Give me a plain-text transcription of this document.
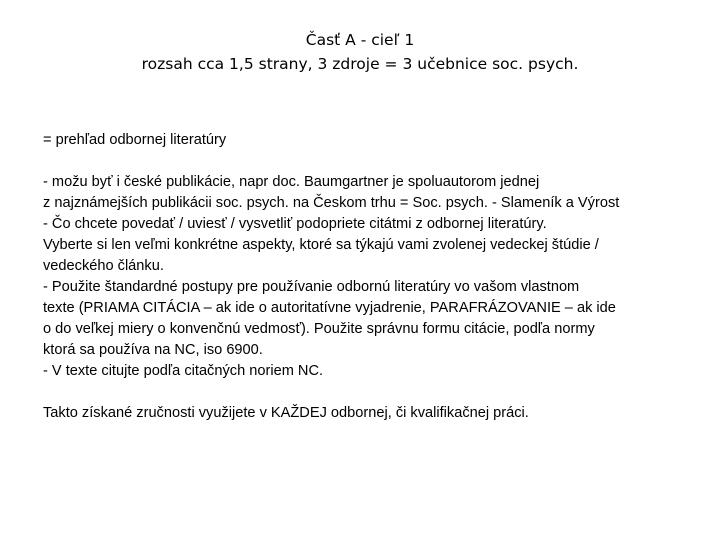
Časť A - cieľ 1
rozsah cca 1,5 strany, 3 zdroje = 3 učebnice soc. psych.
= prehľad odbornej literatúry
- možu byť i české publikácie, napr doc. Baumgartner je spoluautorom jednej
z najznámejších publikácii soc. psych. na Českom trhu = Soc. psych. - Slameník a Výrost
- Čo chcete povedať / uviesť / vysvetliť podopriete citátmi z odbornej literatúry.
Vyberte si len veľmi konkrétne aspekty, ktoré sa týkajú vami zvolenej vedeckej štúdie /
vedeckého článku.
- Použite štandardné postupy pre používanie odbornú literatúry vo vašom vlastnom
texte (PRIAMA CITÁCIA – ak ide o autoritatívne vyjadrenie, PARAFRÁZOVANIE – ak ide
o do veľkej miery o konvenčnú vedmosť). Použite správnu formu citácie, podľa normy
ktorá sa používa na NC, iso 6900.
- V texte citujte podľa citačných noriem NC.
Takto získané zručnosti využijete v KAŽDEJ odbornej, či kvalifikačnej práci.
